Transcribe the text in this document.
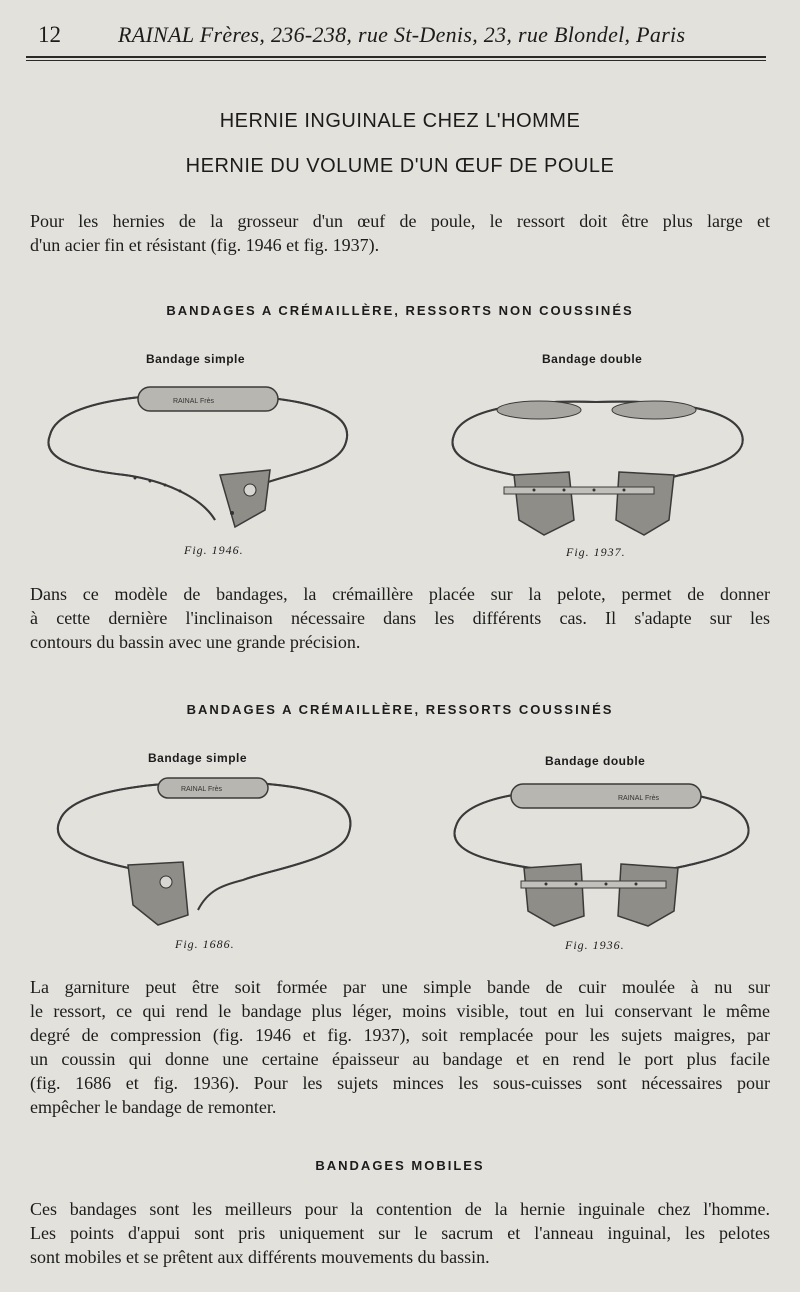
12	RAINAL Frères, 236-238, rue St-Denis, 23, rue Blondel, Paris
HERNIE INGUINALE CHEZ L'HOMME
HERNIE DU VOLUME D'UN ŒUF DE POULE
Pour les hernies de la grosseur d'un œuf de poule, le ressort doit être plus large et
d'un acier fin et résistant (fig. 1946 et fig. 1937).
BANDAGES A CRÉMAILLÈRE, RESSORTS NON COUSSINÉS
Bandage simple	Bandage double
RAINAL Frès
Fig. 1946.	Fig. 1937.
Dans ce modèle de bandages, la crémaillère placée sur la pelote, permet de donner
à cette dernière l'inclinaison nécessaire dans les différents cas. Il s'adapte sur les
contours du bassin avec une grande précision.
BANDAGES A CRÉMAILLÈRE, RESSORTS COUSSINÉS
Bandage simple	Bandage double
RAINAL Frès
RAINAL Frès
Fig. 1686.	Fig. 1936.
La garniture peut être soit formée par une simple bande de cuir moulée à nu sur
le ressort, ce qui rend le bandage plus léger, moins visible, tout en lui conservant le même
degré de compression (fig. 1946 et fig. 1937), soit remplacée pour les sujets maigres, par
un coussin qui donne une certaine épaisseur au bandage et en rend le port plus facile
(fig. 1686 et fig. 1936). Pour les sujets minces les sous-cuisses sont nécessaires pour
empêcher le bandage de remonter.
BANDAGES MOBILES
Ces bandages sont les meilleurs pour la contention de la hernie inguinale chez l'homme.
Les points d'appui sont pris uniquement sur le sacrum et l'anneau inguinal, les pelotes
sont mobiles et se prêtent aux différents mouvements du bassin.
